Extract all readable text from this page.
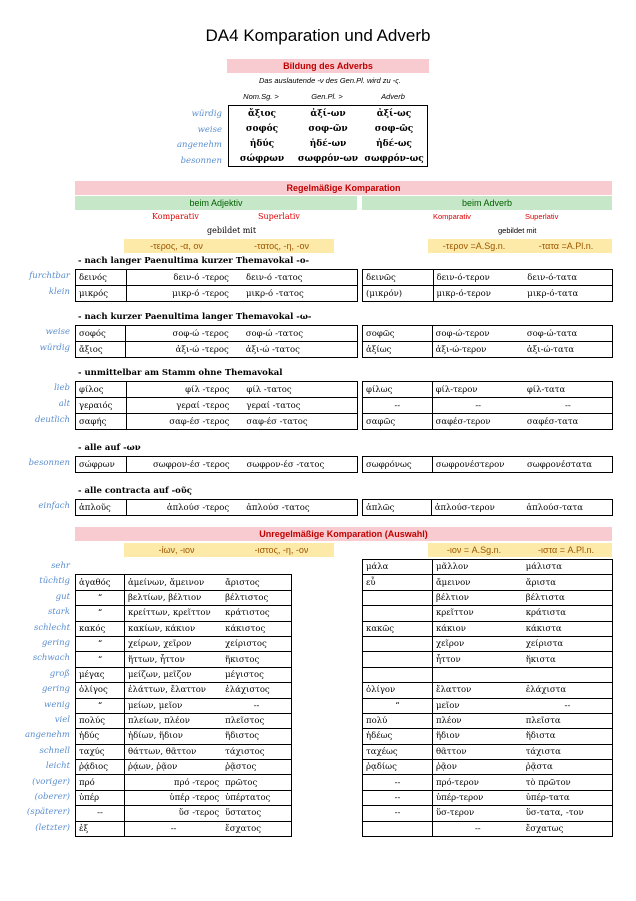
DA4 Komparation und Adverb
Bildung des Adverbs
Das auslautende -ν des Gen.Pl. wird zu -ς.
Nom.Sg. >	Gen.Pl. >	Adverb
würdig
weise
angenehm
besonnen
ἄξιος	ἀξί-ων	ἀξί-ως
σοφός	σοφ-ῶν	σοφ-ῶς
ἡδύς	ἡδέ-ων	ἡδέ-ως
σώφρων	σωφρόν-ων	σωφρόν-ως
Regelmäßige Komparation
beim Adjektiv	beim Adverb
Komparativ	Superlativ	Komparativ	Superlativ
gebildet mit	gebildet mit
-τερος, -α, ον	-τατος, -η, -ον	-τερον =A.Sg.n.	-τατα =A.Pl.n.
- nach langer Paenultima kurzer Themavokal -ο-
furchtbar
klein
δεινός	δειν-ό -τερος	δειν-ό -τατος
μικρός	μικρ-ό -τερος	μικρ-ό -τατος
δεινῶς	δειν-ό-τερον	δειν-ό-τατα
(μικρόν)	μικρ-ό-τερον	μικρ-ό-τατα
- nach kurzer Paenultima langer Themavokal -ω-
weise
würdig
σοφός	σοφ-ώ -τερος	σοφ-ώ -τατος
ἄξιος	ἀξι-ώ -τερος	ἀξι-ώ -τατος
σοφῶς	σοφ-ώ-τερον	σοφ-ώ-τατα
ἀξίως	ἀξι-ώ-τερον	ἀξι-ώ-τατα
- unmittelbar am Stamm ohne Themavokal
lieb
alt
deutlich
φίλος	φίλ -τερος	φίλ -τατος
γεραιός	γεραί -τερος	γεραί -τατος
σαφής	σαφ-έσ -τερος	σαφ-έσ -τατος
φίλως	φίλ-τερον	φίλ-τατα
--	--	--
σαφῶς	σαφέσ-τερον	σαφέσ-τατα
- alle auf -ων
besonnen σώφρων	σωφρον-έσ -τερος	σωφρον-έσ -τατος	σωφρόνως	σωφρονέστερον	σωφρονέστατα
- alle contracta auf -οῦς
einfach ἁπλοῦς	ἁπλούσ -τερος	ἁπλούσ -τατος	ἁπλῶς	ἁπλούσ-τερον	ἁπλούσ-τατα
Unregelmäßige Komparation (Auswahl)
-ίων, -ιον	-ιστος, -η, -ον	-ιον = A.Sg.n.	-ιστα = A.Pl.n.
sehr
tüchtig
gut
stark
schlecht
gering
schwach
groß
gering
wenig
viel
angenehm
schnell
leicht
(voriger)
(oberer)
(späterer)
(letzter)
ἀγαθός	ἀμείνων, ἄμεινον	ἄριστος
“	βελτίων, βέλτιον	βέλτιστος
“	κρείττων, κρεῖττον	κράτιστος
κακός	κακίων, κάκιον	κάκιστος
“	χείρων, χεῖρον	χείριστος
“	ἥττων, ἧττον	ἥκιστος
μέγας	μείζων, μεῖζον	μέγιστος
ὀλίγος	ἐλάττων, ἔλαττον	ἐλάχιστος
“	μείων, μεῖον	--
πολύς	πλείων, πλέον	πλεῖστος
ἡδύς	ἡδίων, ἥδιον	ἥδιστος
ταχύς	θάττων, θᾶττον	τάχιστος
ῥᾴδιος	ῥᾴων, ῥᾷον	ῥᾷστος
πρό	πρό -τερος	πρῶτος
ὑπέρ	ὑπέρ -τερος	ὑπέρτατος
--	ὕσ -τερος	ὕστατος
ἐξ	--	ἔσχατος
μάλα	μᾶλλον	μάλιστα
εὖ	ἄμεινον	ἄριστα
	βέλτιον	βέλτιστα
	κρεῖττον	κράτιστα
κακῶς	κάκιον	κάκιστα
	χεῖρον	χείριστα
	ἧττον	ἥκιστα

ὀλίγον	ἔλαττον	ἐλάχιστα
“	μεῖον	--
πολύ	πλέον	πλεῖστα
ἡδέως	ἥδιον	ἥδιστα
ταχέως	θᾶττον	τάχιστα
ῥᾳδίως	ῥᾷον	ῥᾷστα
--	πρό-τερον	τὸ πρῶτον
--	ὑπέρ-τερον	ὑπέρ-τατα
--	ὕσ-τερον	ὕσ-τατα, -τον
	--	ἔσχατως
